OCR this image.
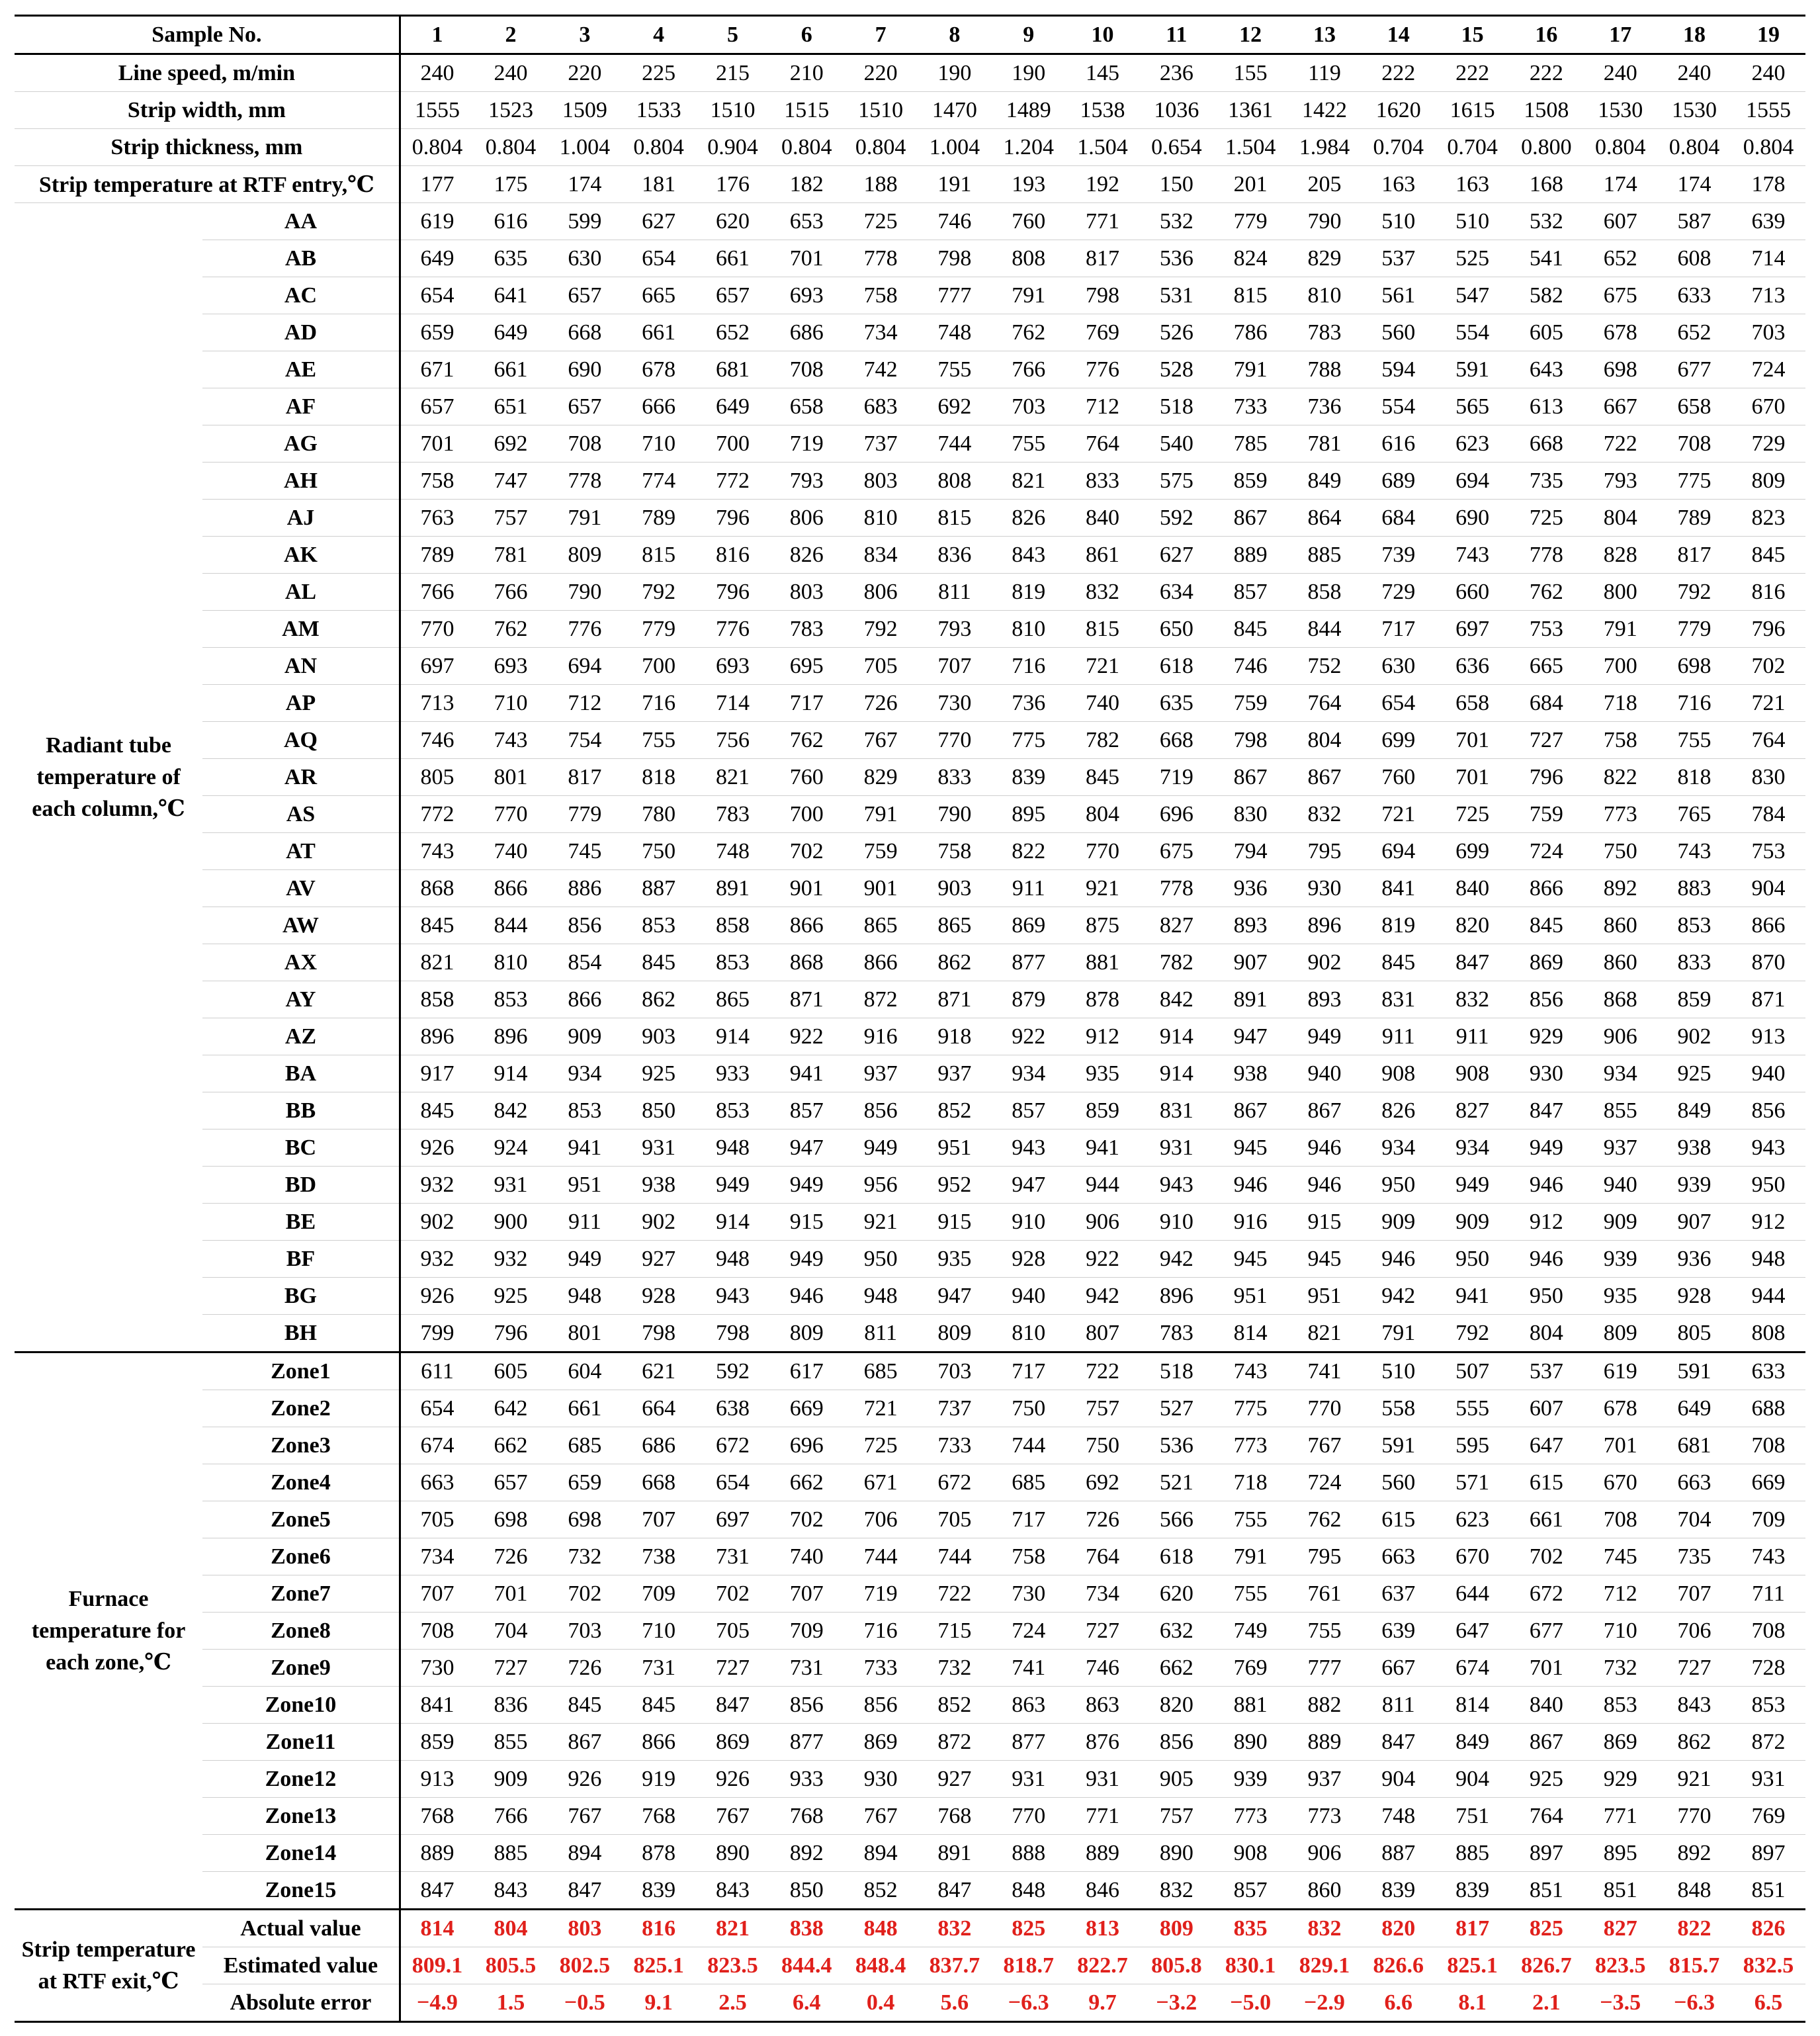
Sample No.		1	2	3	4	5	6	7	8	9	10	11	12	13	14	15	16	17	18	19
Line speed, m/min		240	240	220	225	215	210	220	190	190	145	236	155	119	222	222	222	240	240	240
Strip width, mm		1555	1523	1509	1533	1510	1515	1510	1470	1489	1538	1036	1361	1422	1620	1615	1508	1530	1530	1555
Strip thickness, mm		0.804	0.804	1.004	0.804	0.904	0.804	0.804	1.004	1.204	1.504	0.654	1.504	1.984	0.704	0.704	0.800	0.804	0.804	0.804
Strip temperature at RTF entry,℃		177	175	174	181	176	182	188	191	193	192	150	201	205	163	163	168	174	174	178
Radiant tube temperature of each column,℃	AA	619	616	599	627	620	653	725	746	760	771	532	779	790	510	510	532	607	587	639
	AB	649	635	630	654	661	701	778	798	808	817	536	824	829	537	525	541	652	608	714
	AC	654	641	657	665	657	693	758	777	791	798	531	815	810	561	547	582	675	633	713
	AD	659	649	668	661	652	686	734	748	762	769	526	786	783	560	554	605	678	652	703
	AE	671	661	690	678	681	708	742	755	766	776	528	791	788	594	591	643	698	677	724
	AF	657	651	657	666	649	658	683	692	703	712	518	733	736	554	565	613	667	658	670
	AG	701	692	708	710	700	719	737	744	755	764	540	785	781	616	623	668	722	708	729
	AH	758	747	778	774	772	793	803	808	821	833	575	859	849	689	694	735	793	775	809
	AJ	763	757	791	789	796	806	810	815	826	840	592	867	864	684	690	725	804	789	823
	AK	789	781	809	815	816	826	834	836	843	861	627	889	885	739	743	778	828	817	845
	AL	766	766	790	792	796	803	806	811	819	832	634	857	858	729	660	762	800	792	816
	AM	770	762	776	779	776	783	792	793	810	815	650	845	844	717	697	753	791	779	796
	AN	697	693	694	700	693	695	705	707	716	721	618	746	752	630	636	665	700	698	702
	AP	713	710	712	716	714	717	726	730	736	740	635	759	764	654	658	684	718	716	721
	AQ	746	743	754	755	756	762	767	770	775	782	668	798	804	699	701	727	758	755	764
	AR	805	801	817	818	821	760	829	833	839	845	719	867	867	760	701	796	822	818	830
	AS	772	770	779	780	783	700	791	790	895	804	696	830	832	721	725	759	773	765	784
	AT	743	740	745	750	748	702	759	758	822	770	675	794	795	694	699	724	750	743	753
	AV	868	866	886	887	891	901	901	903	911	921	778	936	930	841	840	866	892	883	904
	AW	845	844	856	853	858	866	865	865	869	875	827	893	896	819	820	845	860	853	866
	AX	821	810	854	845	853	868	866	862	877	881	782	907	902	845	847	869	860	833	870
	AY	858	853	866	862	865	871	872	871	879	878	842	891	893	831	832	856	868	859	871
	AZ	896	896	909	903	914	922	916	918	922	912	914	947	949	911	911	929	906	902	913
	BA	917	914	934	925	933	941	937	937	934	935	914	938	940	908	908	930	934	925	940
	BB	845	842	853	850	853	857	856	852	857	859	831	867	867	826	827	847	855	849	856
	BC	926	924	941	931	948	947	949	951	943	941	931	945	946	934	934	949	937	938	943
	BD	932	931	951	938	949	949	956	952	947	944	943	946	946	950	949	946	940	939	950
	BE	902	900	911	902	914	915	921	915	910	906	910	916	915	909	909	912	909	907	912
	BF	932	932	949	927	948	949	950	935	928	922	942	945	945	946	950	946	939	936	948
	BG	926	925	948	928	943	946	948	947	940	942	896	951	951	942	941	950	935	928	944
	BH	799	796	801	798	798	809	811	809	810	807	783	814	821	791	792	804	809	805	808
Furnace temperature for each zone,℃	Zone1	611	605	604	621	592	617	685	703	717	722	518	743	741	510	507	537	619	591	633
	Zone2	654	642	661	664	638	669	721	737	750	757	527	775	770	558	555	607	678	649	688
	Zone3	674	662	685	686	672	696	725	733	744	750	536	773	767	591	595	647	701	681	708
	Zone4	663	657	659	668	654	662	671	672	685	692	521	718	724	560	571	615	670	663	669
	Zone5	705	698	698	707	697	702	706	705	717	726	566	755	762	615	623	661	708	704	709
	Zone6	734	726	732	738	731	740	744	744	758	764	618	791	795	663	670	702	745	735	743
	Zone7	707	701	702	709	702	707	719	722	730	734	620	755	761	637	644	672	712	707	711
	Zone8	708	704	703	710	705	709	716	715	724	727	632	749	755	639	647	677	710	706	708
	Zone9	730	727	726	731	727	731	733	732	741	746	662	769	777	667	674	701	732	727	728
	Zone10	841	836	845	845	847	856	856	852	863	863	820	881	882	811	814	840	853	843	853
	Zone11	859	855	867	866	869	877	869	872	877	876	856	890	889	847	849	867	869	862	872
	Zone12	913	909	926	919	926	933	930	927	931	931	905	939	937	904	904	925	929	921	931
	Zone13	768	766	767	768	767	768	767	768	770	771	757	773	773	748	751	764	771	770	769
	Zone14	889	885	894	878	890	892	894	891	888	889	890	908	906	887	885	897	895	892	897
	Zone15	847	843	847	839	843	850	852	847	848	846	832	857	860	839	839	851	851	848	851
Strip temperature at RTF exit,℃	Actual value	814	804	803	816	821	838	848	832	825	813	809	835	832	820	817	825	827	822	826
	Estimated value	809.1	805.5	802.5	825.1	823.5	844.4	848.4	837.7	818.7	822.7	805.8	830.1	829.1	826.6	825.1	826.7	823.5	815.7	832.5
	Absolute error	−4.9	1.5	−0.5	9.1	2.5	6.4	0.4	5.6	−6.3	9.7	−3.2	−5.0	−2.9	6.6	8.1	2.1	−3.5	−6.3	6.5
